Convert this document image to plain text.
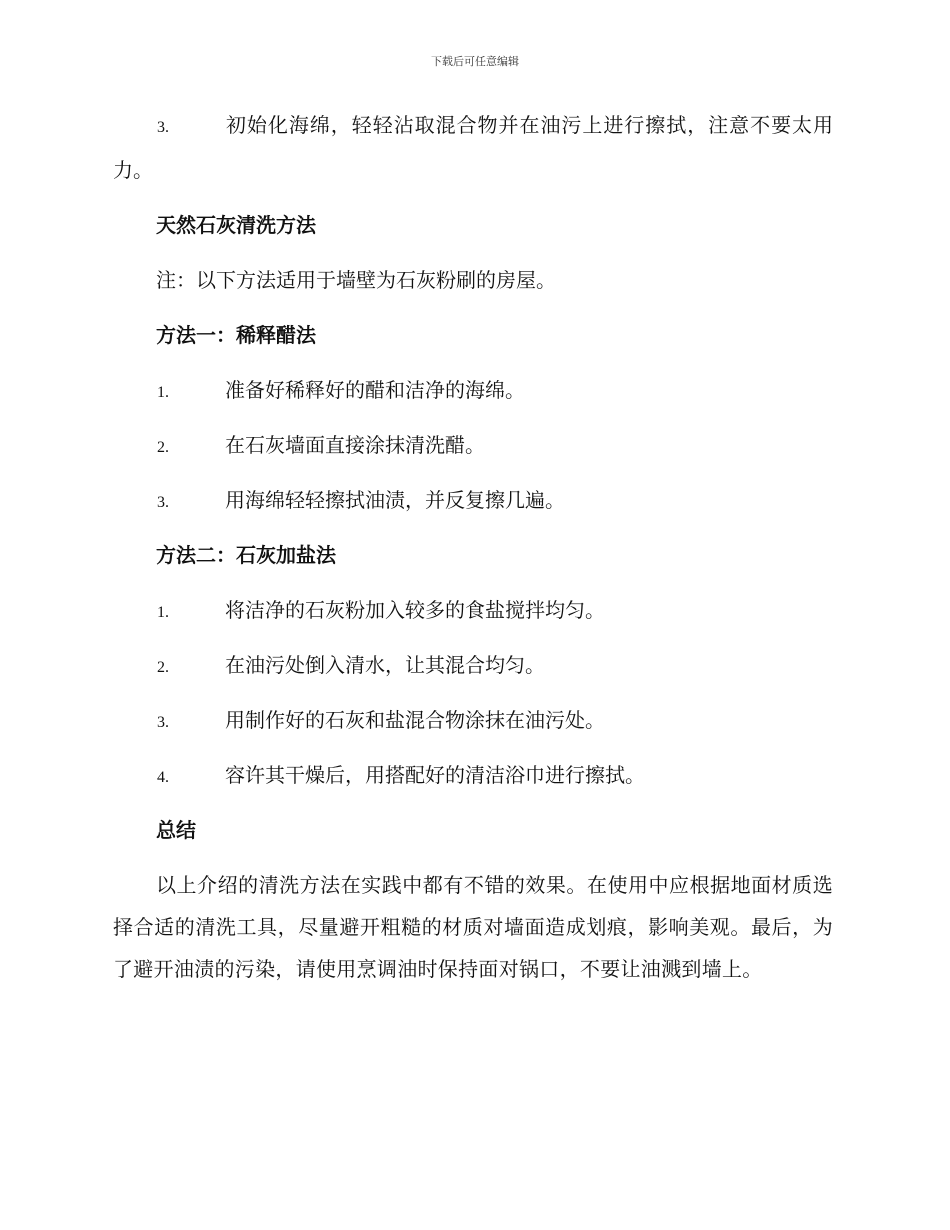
下载后可任意编辑
3.	初始化海绵，轻轻沾取混合物并在油污上进行擦拭，注意不要太用力。
天然石灰清洗方法
注：以下方法适用于墙壁为石灰粉刷的房屋。
方法一：稀释醋法
1.	准备好稀释好的醋和洁净的海绵。
2.	在石灰墙面直接涂抹清洗醋。
3.	用海绵轻轻擦拭油渍，并反复擦几遍。
方法二：石灰加盐法
1.	将洁净的石灰粉加入较多的食盐搅拌均匀。
2.	在油污处倒入清水，让其混合均匀。
3.	用制作好的石灰和盐混合物涂抹在油污处。
4.	容许其干燥后，用搭配好的清洁浴巾进行擦拭。
总结
以上介绍的清洗方法在实践中都有不错的效果。在使用中应根据地面材质选择合适的清洗工具，尽量避开粗糙的材质对墙面造成划痕，影响美观。最后，为了避开油渍的污染，请使用烹调油时保持面对锅口，不要让油溅到墙上。
